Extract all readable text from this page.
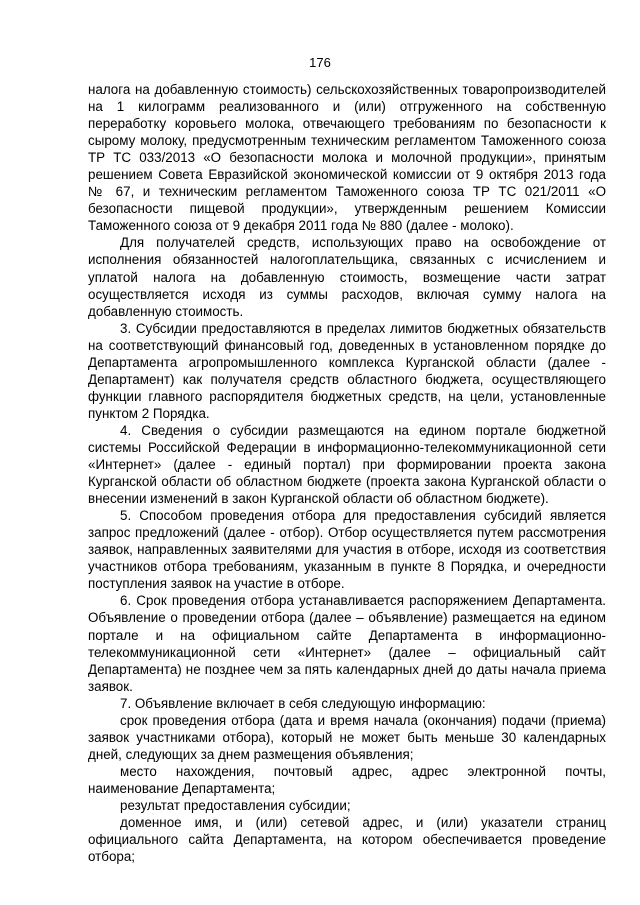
176

налога на добавленную стоимость) сельскохозяйственных товаропроизводителей на 1 килограмм реализованного и (или) отгруженного на собственную переработку коровьего молока, отвечающего требованиям по безопасности к сырому молоку, предусмотренным техническим регламентом Таможенного союза ТР ТС 033/2013 «О безопасности молока и молочной продукции», принятым решением Совета Евразийской экономической комиссии от 9 октября 2013 года № 67, и техническим регламентом Таможенного союза ТР ТС 021/2011 «О безопасности пищевой продукции», утвержденным решением Комиссии Таможенного союза от 9 декабря 2011 года № 880 (далее - молоко).

Для получателей средств, использующих право на освобождение от исполнения обязанностей налогоплательщика, связанных с исчислением и уплатой налога на добавленную стоимость, возмещение части затрат осуществляется исходя из суммы расходов, включая сумму налога на добавленную стоимость.

3. Субсидии предоставляются в пределах лимитов бюджетных обязательств на соответствующий финансовый год, доведенных в установленном порядке до Департамента агропромышленного комплекса Курганской области (далее - Департамент) как получателя средств областного бюджета, осуществляющего функции главного распорядителя бюджетных средств, на цели, установленные пунктом 2 Порядка.

4. Сведения о субсидии размещаются на едином портале бюджетной системы Российской Федерации в информационно-телекоммуникационной сети «Интернет» (далее - единый портал) при формировании проекта закона Курганской области об областном бюджете (проекта закона Курганской области о внесении изменений в закон Курганской области об областном бюджете).

5. Способом проведения отбора для предоставления субсидий является запрос предложений (далее - отбор). Отбор осуществляется путем рассмотрения заявок, направленных заявителями для участия в отборе, исходя из соответствия участников отбора требованиям, указанным в пункте 8 Порядка, и очередности поступления заявок на участие в отборе.

6. Срок проведения отбора устанавливается распоряжением Департамента. Объявление о проведении отбора (далее – объявление) размещается на едином портале и на официальном сайте Департамента в информационно-телекоммуникационной сети «Интернет» (далее – официальный сайт Департамента) не позднее чем за пять календарных дней до даты начала приема заявок.

7. Объявление включает в себя следующую информацию:

срок проведения отбора (дата и время начала (окончания) подачи (приема) заявок участниками отбора), который не может быть меньше 30 календарных дней, следующих за днем размещения объявления;

место нахождения, почтовый адрес, адрес электронной почты, наименование Департамента;

результат предоставления субсидии;

доменное имя, и (или) сетевой адрес, и (или) указатели страниц официального сайта Департамента, на котором обеспечивается проведение отбора;
